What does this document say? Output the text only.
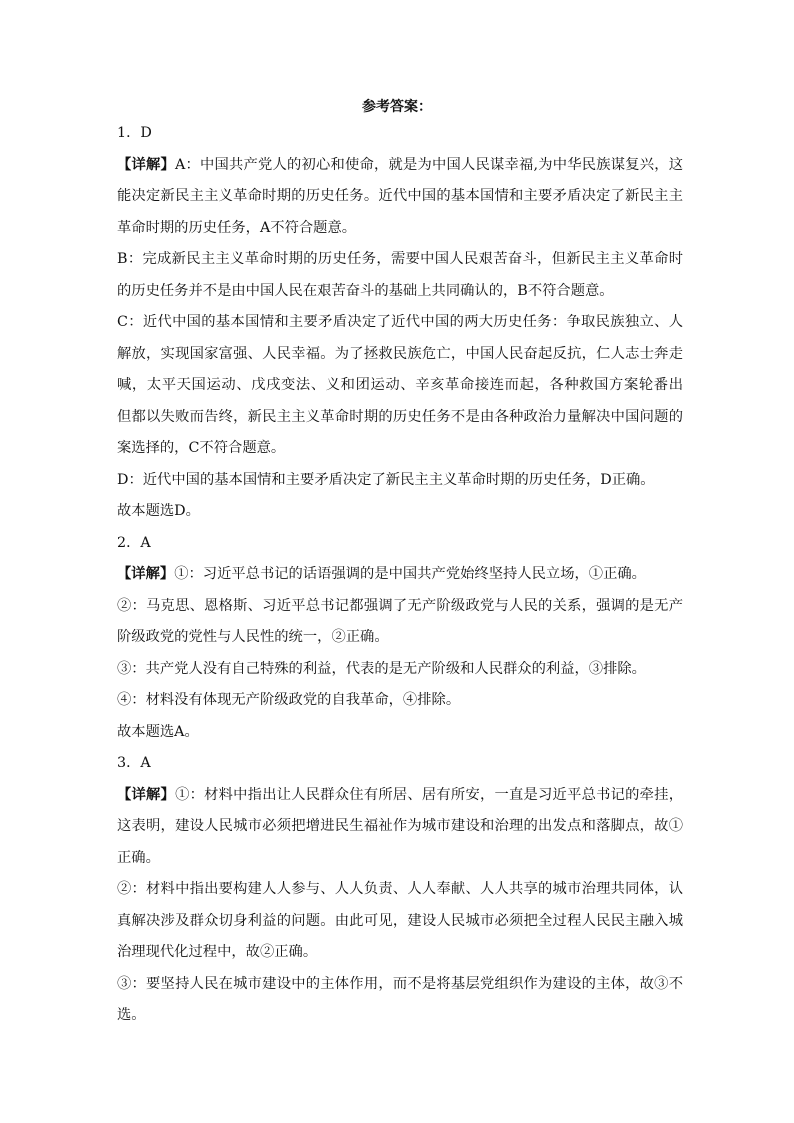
参考答案：
1．D
【详解】A：中国共产党人的初心和使命，就是为中国人民谋幸福,为中华民族谋复兴，这
能决定新民主主义革命时期的历史任务。近代中国的基本国情和主要矛盾决定了新民主主
革命时期的历史任务，A不符合题意。
B：完成新民主主义革命时期的历史任务，需要中国人民艰苦奋斗，但新民主主义革命时
的历史任务并不是由中国人民在艰苦奋斗的基础上共同确认的，B不符合题意。
C：近代中国的基本国情和主要矛盾决定了近代中国的两大历史任务：争取民族独立、人
解放，实现国家富强、人民幸福。为了拯救民族危亡，中国人民奋起反抗，仁人志士奔走
喊，太平天国运动、戊戌变法、义和团运动、辛亥革命接连而起，各种救国方案轮番出
但都以失败而告终，新民主主义革命时期的历史任务不是由各种政治力量解决中国问题的
案选择的，C不符合题意。
D：近代中国的基本国情和主要矛盾决定了新民主主义革命时期的历史任务，D正确。
故本题选D。
2．A
【详解】①：习近平总书记的话语强调的是中国共产党始终坚持人民立场，①正确。
②：马克思、恩格斯、习近平总书记都强调了无产阶级政党与人民的关系，强调的是无产
阶级政党的党性与人民性的统一，②正确。
③：共产党人没有自己特殊的利益，代表的是无产阶级和人民群众的利益，③排除。
④：材料没有体现无产阶级政党的自我革命，④排除。
故本题选A。
3．A
【详解】①：材料中指出让人民群众住有所居、居有所安，一直是习近平总书记的牵挂，
这表明，建设人民城市必须把增进民生福祉作为城市建设和治理的出发点和落脚点，故①
正确。
②：材料中指出要构建人人参与、人人负责、人人奉献、人人共享的城市治理共同体，认
真解决涉及群众切身利益的问题。由此可见，建设人民城市必须把全过程人民民主融入城
治理现代化过程中，故②正确。
③：要坚持人民在城市建设中的主体作用，而不是将基层党组织作为建设的主体，故③不
选。
